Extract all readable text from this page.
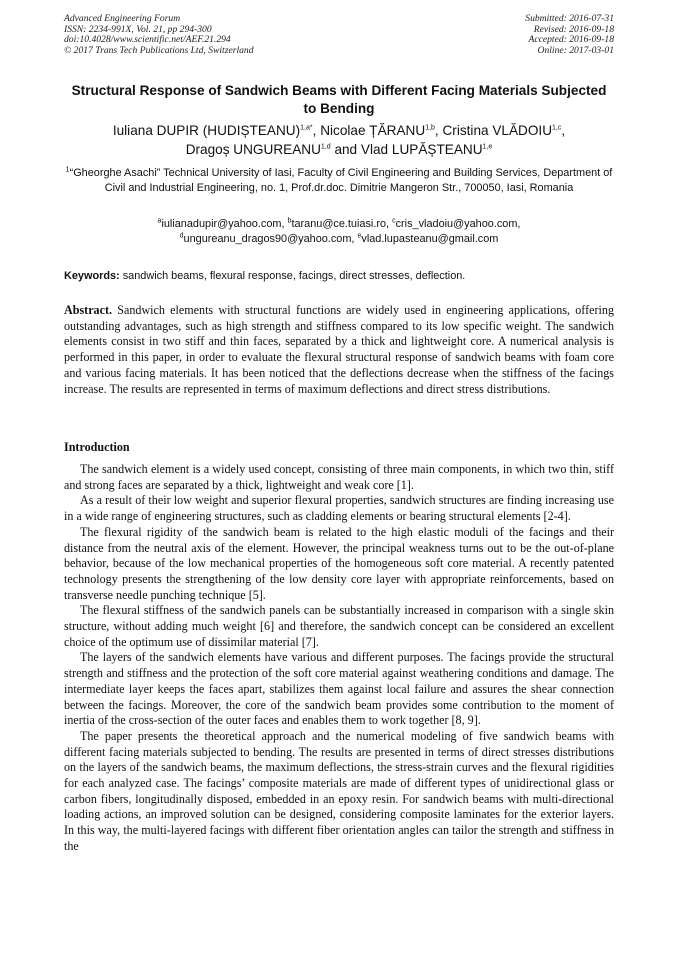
Advanced Engineering Forum
ISSN: 2234-991X, Vol. 21, pp 294-300
doi:10.4028/www.scientific.net/AEF.21.294
© 2017 Trans Tech Publications Ltd, Switzerland
Submitted: 2016-07-31
Revised: 2016-09-18
Accepted: 2016-09-18
Online: 2017-03-01
Structural Response of Sandwich Beams with Different Facing Materials Subjected to Bending
Iuliana DUPIR (HUDIȘTEANU)$^{1,a*}$, Nicolae ȚĂRANU$^{1,b}$, Cristina VLĂDOIU$^{1,c}$,
Dragoș UNGUREANU$^{1,d}$ and Vlad LUPĂȘTEANU$^{1,e}$
$^1$“Gheorghe Asachi” Technical University of Iasi, Faculty of Civil Engineering and Building Services, Department of Civil and Industrial Engineering, no. 1, Prof.dr.doc. Dimitrie Mangeron Str., 700050, Iasi, Romania
$^a$iulianadupir@yahoo.com, $^b$taranu@ce.tuiasi.ro, $^c$cris_vladoiu@yahoo.com,
$^d$ungureanu_dragos90@yahoo.com, $^e$vlad.lupasteanu@gmail.com
Keywords: sandwich beams, flexural response, facings, direct stresses, deflection.
Abstract. Sandwich elements with structural functions are widely used in engineering applications, offering outstanding advantages, such as high strength and stiffness compared to its low specific weight. The sandwich elements consist in two stiff and thin faces, separated by a thick and lightweight core. A numerical analysis is performed in this paper, in order to evaluate the flexural structural response of sandwich beams with foam core and various facing materials. It has been noticed that the deflections decrease when the stiffness of the facings increase. The results are represented in terms of maximum deflections and direct stress distributions.
Introduction

The sandwich element is a widely used concept, consisting of three main components, in which two thin, stiff and strong faces are separated by a thick, lightweight and weak core [1].

As a result of their low weight and superior flexural properties, sandwich structures are finding increasing use in a wide range of engineering structures, such as cladding elements or bearing structural elements [2-4].

The flexural rigidity of the sandwich beam is related to the high elastic moduli of the facings and their distance from the neutral axis of the element. However, the principal weakness turns out to be the out-of-plane behavior, because of the low mechanical properties of the homogeneous soft core material. A recently patented technology presents the strengthening of the low density core layer with appropriate reinforcements, based on transverse needle punching technique [5].

The flexural stiffness of the sandwich panels can be substantially increased in comparison with a single skin structure, without adding much weight [6] and therefore, the sandwich concept can be considered an excellent choice of the optimum use of dissimilar material [7].

The layers of the sandwich elements have various and different purposes. The facings provide the structural strength and stiffness and the protection of the soft core material against weathering conditions and damage. The intermediate layer keeps the faces apart, stabilizes them against local failure and assures the shear connection between the facings. Moreover, the core of the sandwich beam provides some contribution to the moment of inertia of the cross-section of the outer faces and enables them to work together [8, 9].

The paper presents the theoretical approach and the numerical modeling of five sandwich beams with different facing materials subjected to bending. The results are presented in terms of direct stresses distributions on the layers of the sandwich beams, the maximum deflections, the stress-strain curves and the flexural rigidities for each analyzed case. The facings’ composite materials are made of different types of unidirectional glass or carbon fibers, longitudinally disposed, embedded in an epoxy resin. For sandwich beams with multi-directional loading actions, an improved solution can be designed, considering composite laminates for the exterior layers. In this way, the multi-layered facings with different fiber orientation angles can tailor the strength and stiffness in the
